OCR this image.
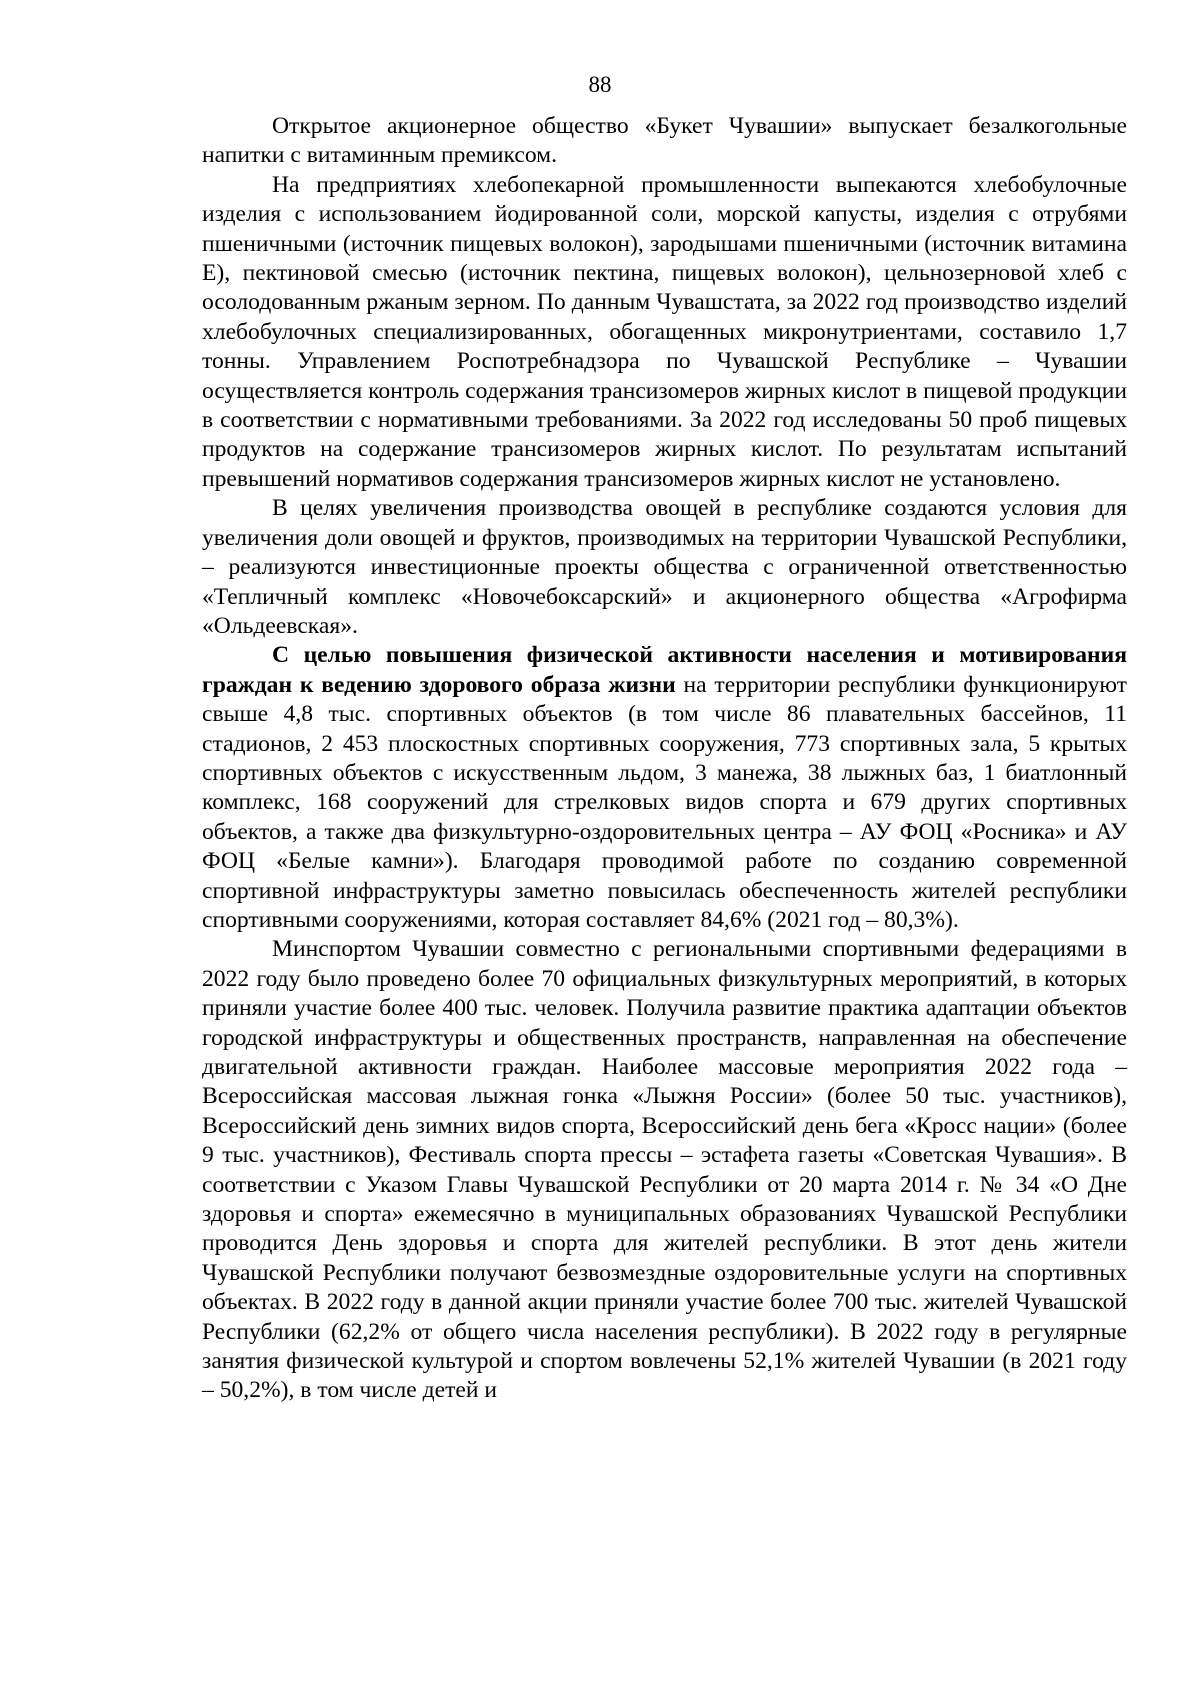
88

Открытое акционерное общество «Букет Чувашии» выпускает безалкогольные напитки с витаминным премиксом.

На предприятиях хлебопекарной промышленности выпекаются хлебобулочные изделия с использованием йодированной соли, морской капусты, изделия с отрубями пшеничными (источник пищевых волокон), зародышами пшеничными (источник витамина Е), пектиновой смесью (источник пектина, пищевых волокон), цельнозерновой хлеб с осолодованным ржаным зерном. По данным Чувашстата, за 2022 год производство изделий хлебобулочных специализированных, обогащенных микронутриентами, составило 1,7 тонны. Управлением Роспотребнадзора по Чувашской Республике – Чувашии осуществляется контроль содержания трансизомеров жирных кислот в пищевой продукции в соответствии с нормативными требованиями. За 2022 год исследованы 50 проб пищевых продуктов на содержание трансизомеров жирных кислот. По результатам испытаний превышений нормативов содержания трансизомеров жирных кислот не установлено.

В целях увеличения производства овощей в республике создаются условия для увеличения доли овощей и фруктов, производимых на территории Чувашской Республики, – реализуются инвестиционные проекты общества с ограниченной ответственностью «Тепличный комплекс «Новочебоксарский» и акционерного общества «Агрофирма «Ольдеевская».

С целью повышения физической активности населения и мотивирования граждан к ведению здорового образа жизни на территории республики функционируют свыше 4,8 тыс. спортивных объектов (в том числе 86 плавательных бассейнов, 11 стадионов, 2 453 плоскостных спортивных сооружения, 773 спортивных зала, 5 крытых спортивных объектов с искусственным льдом, 3 манежа, 38 лыжных баз, 1 биатлонный комплекс, 168 сооружений для стрелковых видов спорта и 679 других спортивных объектов, а также два физкультурно-оздоровительных центра – АУ ФОЦ «Росника» и АУ ФОЦ «Белые камни»). Благодаря проводимой работе по созданию современной спортивной инфраструктуры заметно повысилась обеспеченность жителей республики спортивными сооружениями, которая составляет 84,6% (2021 год – 80,3%).

Минспортом Чувашии совместно с региональными спортивными федерациями в 2022 году было проведено более 70 официальных физкультурных мероприятий, в которых приняли участие более 400 тыс. человек. Получила развитие практика адаптации объектов городской инфраструктуры и общественных пространств, направленная на обеспечение двигательной активности граждан. Наиболее массовые мероприятия 2022 года – Всероссийская массовая лыжная гонка «Лыжня России» (более 50 тыс. участников), Всероссийский день зимних видов спорта, Всероссийский день бега «Кросс нации» (более 9 тыс. участников), Фестиваль спорта прессы – эстафета газеты «Советская Чувашия». В соответствии с Указом Главы Чувашской Республики от 20 марта 2014 г. № 34 «О Дне здоровья и спорта» ежемесячно в муниципальных образованиях Чувашской Республики проводится День здоровья и спорта для жителей республики. В этот день жители Чувашской Республики получают безвозмездные оздоровительные услуги на спортивных объектах. В 2022 году в данной акции приняли участие более 700 тыс. жителей Чувашской Республики (62,2% от общего числа населения республики). В 2022 году в регулярные занятия физической культурой и спортом вовлечены 52,1% жителей Чувашии (в 2021 году – 50,2%), в том числе детей и
